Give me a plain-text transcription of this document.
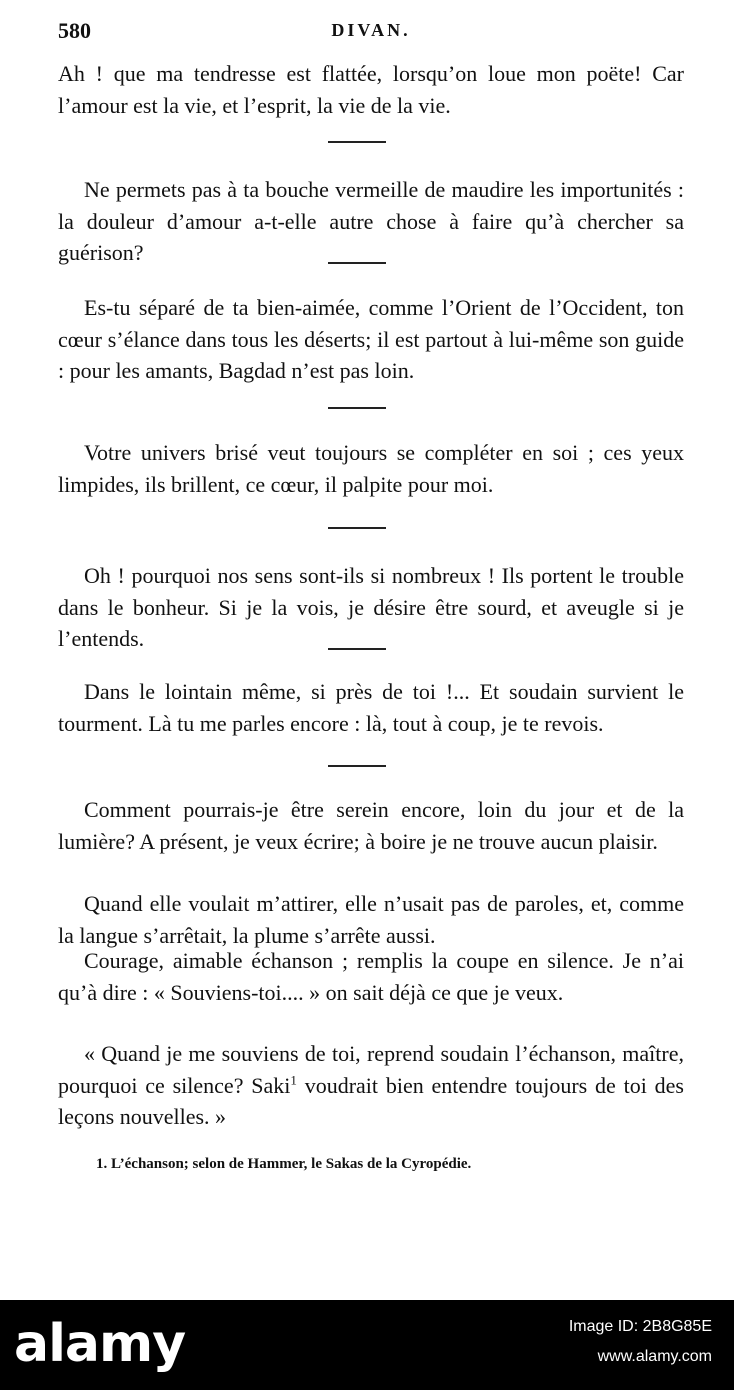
580	DIVAN.

Ah ! que ma tendresse est flattée, lorsqu’on loue mon poëte! Car l’amour est la vie, et l’esprit, la vie de la vie.

Ne permets pas à ta bouche vermeille de maudire les importunités : la douleur d’amour a-t-elle autre chose à faire qu’à chercher sa guérison?

Es-tu séparé de ta bien-aimée, comme l’Orient de l’Occident, ton cœur s’élance dans tous les déserts; il est partout à lui-même son guide : pour les amants, Bagdad n’est pas loin.

Votre univers brisé veut toujours se compléter en soi ; ces yeux limpides, ils brillent, ce cœur, il palpite pour moi.

Oh ! pourquoi nos sens sont-ils si nombreux ! Ils portent le trouble dans le bonheur. Si je la vois, je désire être sourd, et aveugle si je l’entends.

Dans le lointain même, si près de toi !... Et soudain survient le tourment. Là tu me parles encore : là, tout à coup, je te revois.

Comment pourrais-je être serein encore, loin du jour et de la lumière? A présent, je veux écrire; à boire je ne trouve aucun plaisir.

Quand elle voulait m’attirer, elle n’usait pas de paroles, et, comme la langue s’arrêtait, la plume s’arrête aussi.

Courage, aimable échanson ; remplis la coupe en silence. Je n’ai qu’à dire : « Souviens-toi.... » on sait déjà ce que je veux.

« Quand je me souviens de toi, reprend soudain l’échanson, maître, pourquoi ce silence? Saki$^1$ voudrait bien entendre toujours de toi des leçons nouvelles. »

1. L’échanson; selon de Hammer, le Sakas de la Cyropédie.

alamy	Image ID: 2B8G85E
www.alamy.com
